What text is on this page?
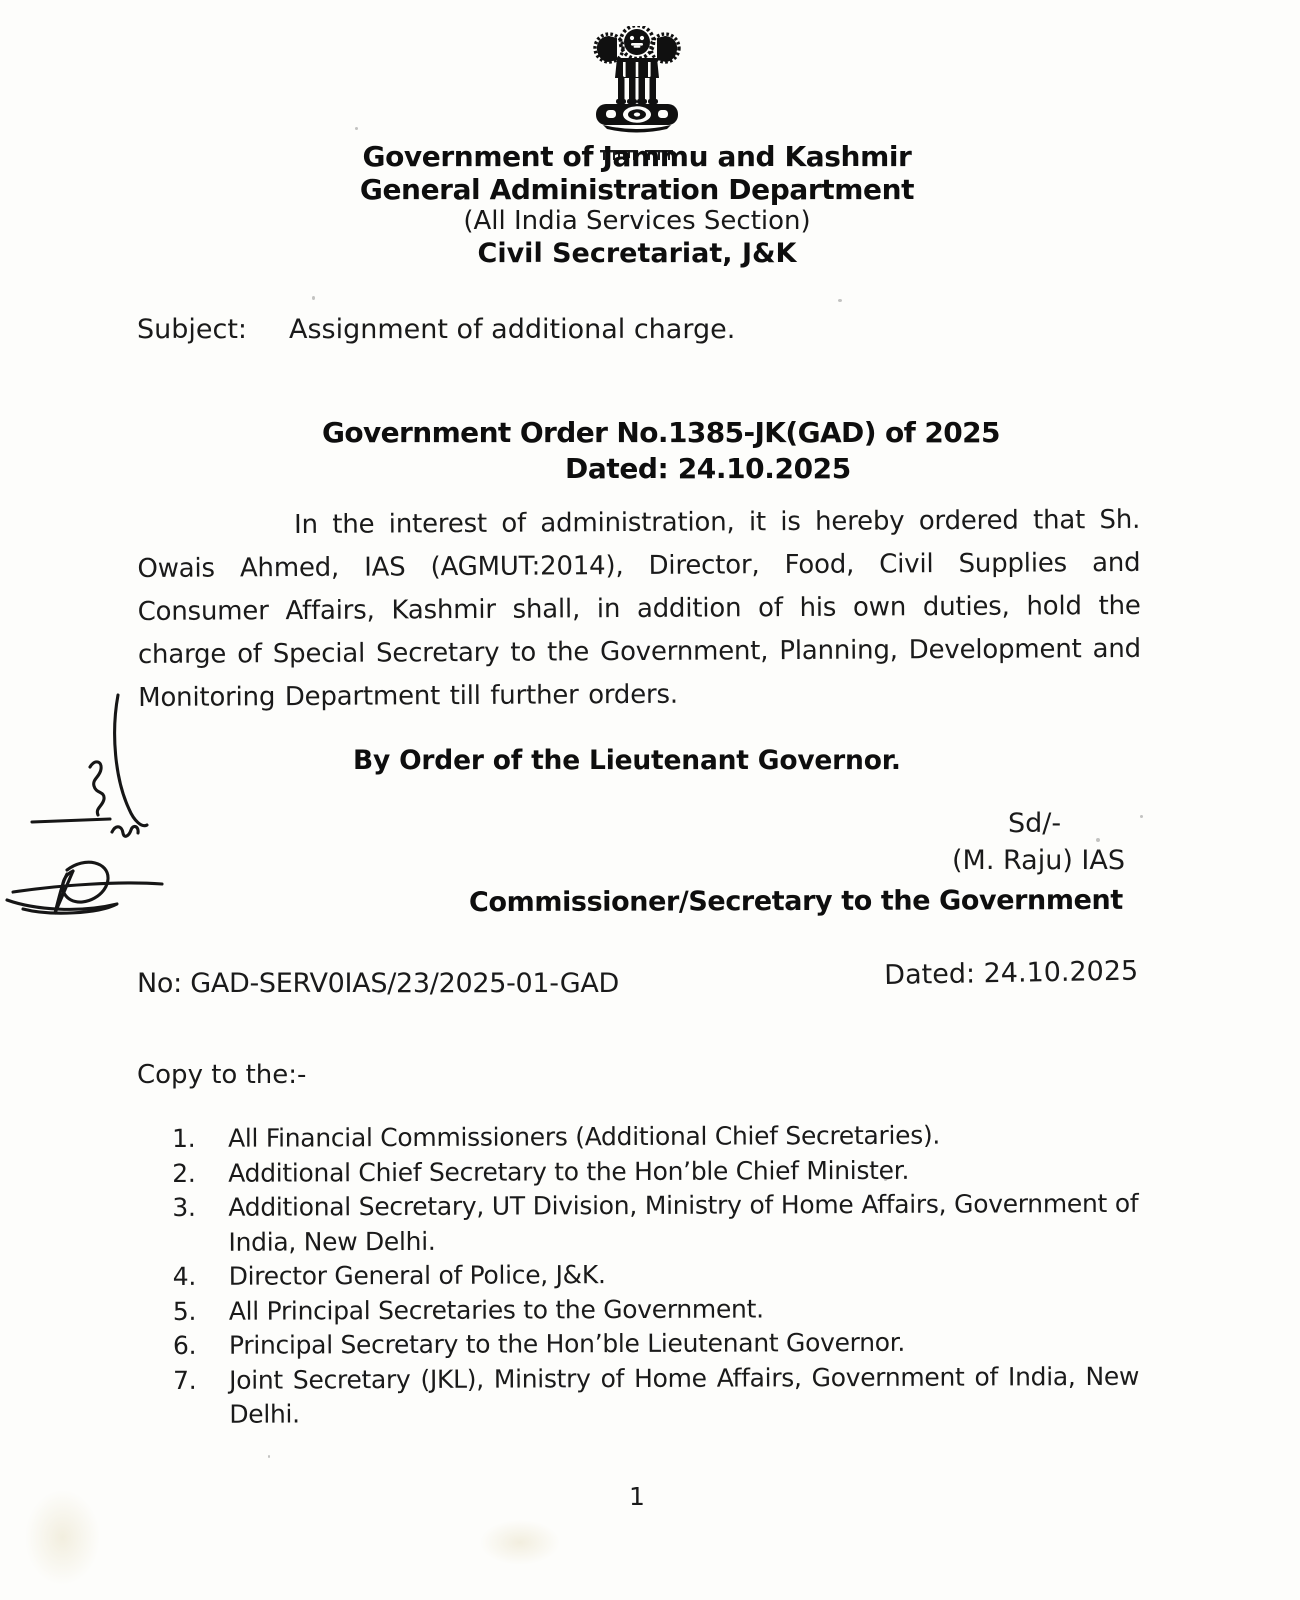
Government of Jammu and Kashmir
General Administration Department
(All India Services Section)
Civil Secretariat, J&K
Subject: Assignment of additional charge.
Government Order No.1385-JK(GAD) of 2025
Dated: 24.10.2025
In the interest of administration, it is hereby ordered that Sh. Owais Ahmed, IAS (AGMUT:2014), Director, Food, Civil Supplies and Consumer Affairs, Kashmir shall, in addition of his own duties, hold the charge of Special Secretary to the Government, Planning, Development and Monitoring Department till further orders.
By Order of the Lieutenant Governor.
Sd/-
(M. Raju) IAS
Commissioner/Secretary to the Government
No: GAD-SERV0IAS/23/2025-01-GAD	Dated: 24.10.2025
Copy to the:-
1.	All Financial Commissioners (Additional Chief Secretaries).
2.	Additional Chief Secretary to the Hon’ble Chief Minister.
3.	Additional Secretary, UT Division, Ministry of Home Affairs, Government of India, New Delhi.
4.	Director General of Police, J&K.
5.	All Principal Secretaries to the Government.
6.	Principal Secretary to the Hon’ble Lieutenant Governor.
7.	Joint Secretary (JKL), Ministry of Home Affairs, Government of India, New Delhi.
1
